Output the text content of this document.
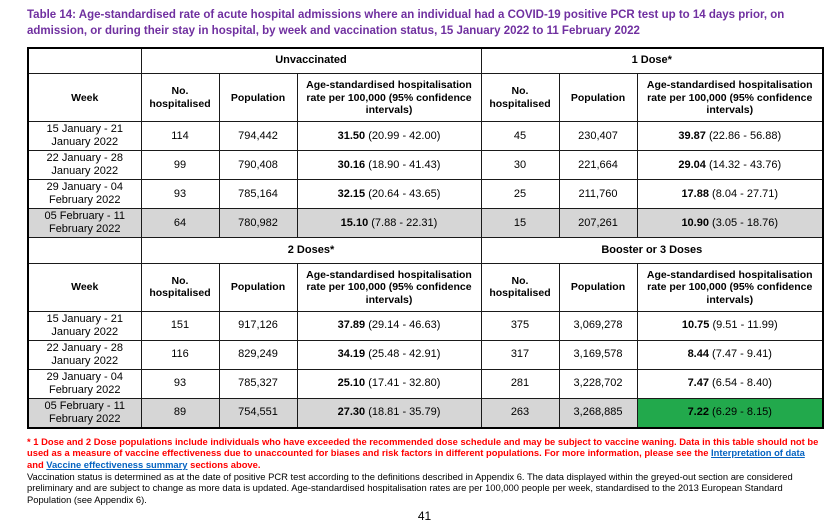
Table 14: Age-standardised rate of acute hospital admissions where an individual had a COVID-19 positive PCR test up to 14 days prior, on admission, or during their stay in hospital, by week and vaccination status, 15 January 2022 to 11 February 2022
	Unvaccinated			1 Dose*		
Week	No. hospitalised	Population	Age-standardised hospitalisation rate per 100,000 (95% confidence intervals)	No. hospitalised	Population	Age-standardised hospitalisation rate per 100,000 (95% confidence intervals)
15 January - 21 January 2022	114	794,442	31.50 (20.99 - 42.00)	45	230,407	39.87 (22.86 - 56.88)
22 January - 28 January 2022	99	790,408	30.16 (18.90 - 41.43)	30	221,664	29.04 (14.32 - 43.76)
29 January - 04 February 2022	93	785,164	32.15 (20.64 - 43.65)	25	211,760	17.88 (8.04 - 27.71)
05 February - 11 February 2022	64	780,982	15.10 (7.88 - 22.31)	15	207,261	10.90 (3.05 - 18.76)
	2 Doses*			Booster or 3 Doses		
Week	No. hospitalised	Population	Age-standardised hospitalisation rate per 100,000 (95% confidence intervals)	No. hospitalised	Population	Age-standardised hospitalisation rate per 100,000 (95% confidence intervals)
15 January - 21 January 2022	151	917,126	37.89 (29.14 - 46.63)	375	3,069,278	10.75 (9.51 - 11.99)
22 January - 28 January 2022	116	829,249	34.19 (25.48 - 42.91)	317	3,169,578	8.44 (7.47 - 9.41)
29 January - 04 February 2022	93	785,327	25.10 (17.41 - 32.80)	281	3,228,702	7.47 (6.54 - 8.40)
05 February - 11 February 2022	89	754,551	27.30 (18.81 - 35.79)	263	3,268,885	7.22 (6.29 - 8.15)
* 1 Dose and 2 Dose populations include individuals who have exceeded the recommended dose schedule and may be subject to vaccine waning. Data in this table should not be used as a measure of vaccine effectiveness due to unaccounted for biases and risk factors in different populations. For more information, please see the Interpretation of data and Vaccine effectiveness summary sections above.
Vaccination status is determined as at the date of positive PCR test according to the definitions described in Appendix 6. The data displayed within the greyed-out section are considered preliminary and are subject to change as more data is updated. Age-standardised hospitalisation rates are per 100,000 people per week, standardised to the 2013 European Standard Population (see Appendix 6).
41
